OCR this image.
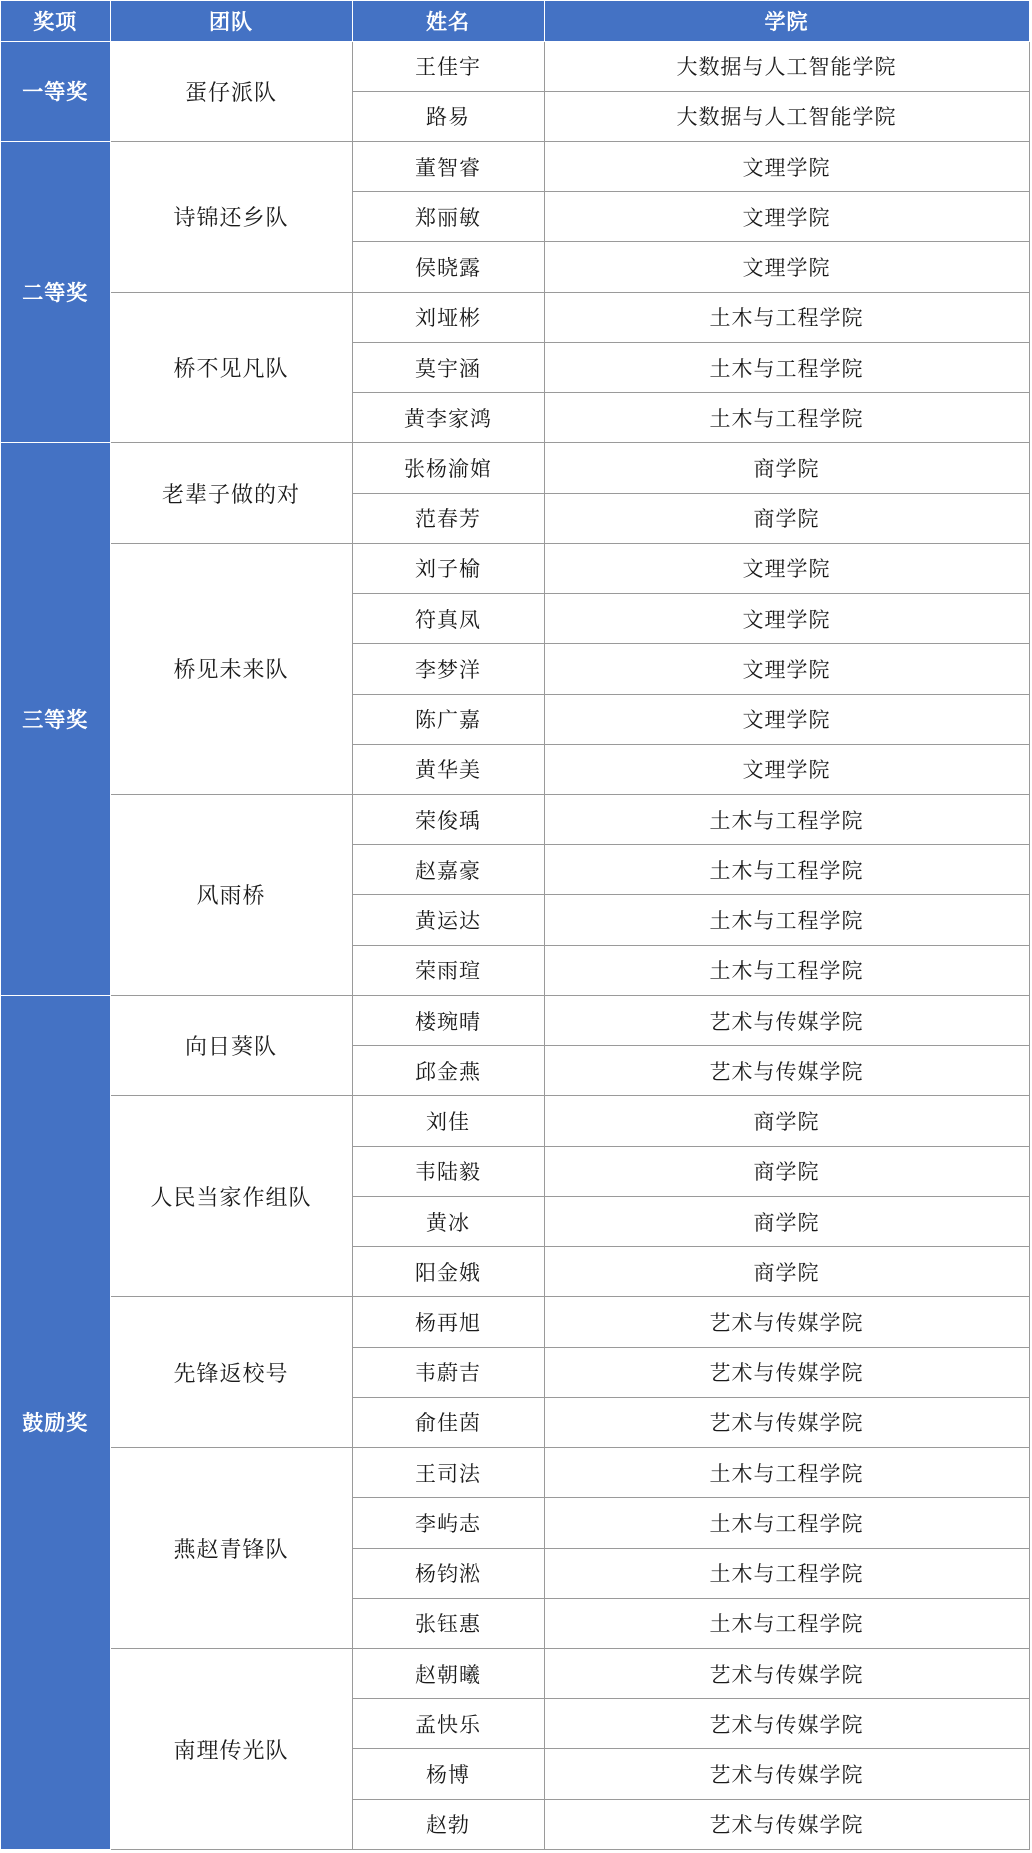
奖项	团队	姓名	学院
一等奖	蛋仔派队	王佳宇	大数据与人工智能学院
		路易	大数据与人工智能学院
二等奖	诗锦还乡队	董智睿	文理学院
		郑丽敏	文理学院
		侯晓露	文理学院
	桥不见凡队	刘垭彬	土木与工程学院
		莫宇涵	土木与工程学院
		黄李家鸿	土木与工程学院
三等奖	老辈子做的对	张杨渝婠	商学院
		范春芳	商学院
	桥见未来队	刘子榆	文理学院
		符真凤	文理学院
		李梦洋	文理学院
		陈广嘉	文理学院
		黄华美	文理学院
	风雨桥	荣俊瑀	土木与工程学院
		赵嘉豪	土木与工程学院
		黄运达	土木与工程学院
		荣雨瑄	土木与工程学院
鼓励奖	向日葵队	楼琬晴	艺术与传媒学院
		邱金燕	艺术与传媒学院
	人民当家作组队	刘佳	商学院
		韦陆毅	商学院
		黄冰	商学院
		阳金娥	商学院
	先锋返校号	杨再旭	艺术与传媒学院
		韦蔚吉	艺术与传媒学院
		俞佳茵	艺术与传媒学院
	燕赵青锋队	王司法	土木与工程学院
		李屿志	土木与工程学院
		杨钧淞	土木与工程学院
		张钰惠	土木与工程学院
	南理传光队	赵朝曦	艺术与传媒学院
		孟快乐	艺术与传媒学院
		杨博	艺术与传媒学院
		赵勃	艺术与传媒学院
